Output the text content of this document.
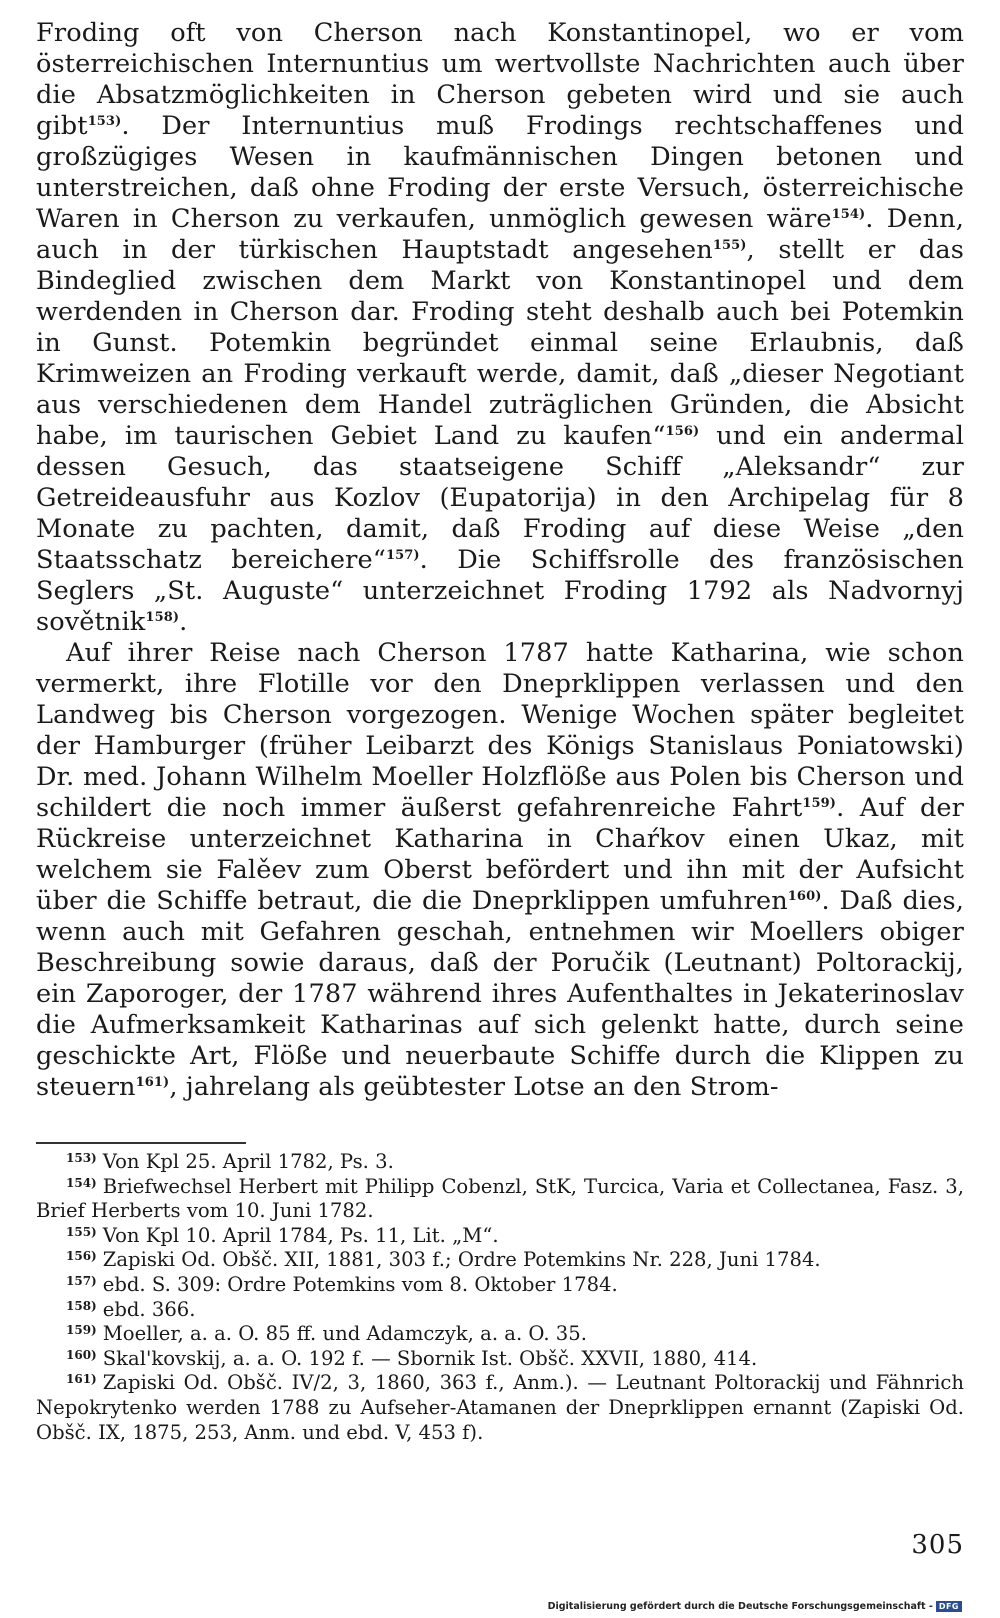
Froding oft von Cherson nach Konstantinopel, wo er vom österreichischen Internuntius um wertvollste Nachrichten auch über die Absatzmöglichkeiten in Cherson gebeten wird und sie auch gibt$^{153)}$. Der Internuntius muß Frodings rechtschaffenes und großzügiges Wesen in kaufmännischen Dingen betonen und unterstreichen, daß ohne Froding der erste Versuch, österreichische Waren in Cherson zu verkaufen, unmöglich gewesen wäre$^{154)}$. Denn, auch in der türkischen Hauptstadt angesehen$^{155)}$, stellt er das Bindeglied zwischen dem Markt von Konstantinopel und dem werdenden in Cherson dar. Froding steht deshalb auch bei Potemkin in Gunst. Potemkin begründet einmal seine Erlaubnis, daß Krimweizen an Froding verkauft werde, damit, daß „dieser Negotiant aus verschiedenen dem Handel zuträglichen Gründen, die Absicht habe, im taurischen Gebiet Land zu kaufen“$^{156)}$ und ein andermal dessen Gesuch, das staatseigene Schiff „Aleksandr“ zur Getreideausfuhr aus Kozlov (Eupatorija) in den Archipelag für 8 Monate zu pachten, damit, daß Froding auf diese Weise „den Staatsschatz bereichere“$^{157)}$. Die Schiffsrolle des französischen Seglers „St. Auguste“ unterzeichnet Froding 1792 als Nadvornyj sovětnik$^{158)}$.

Auf ihrer Reise nach Cherson 1787 hatte Katharina, wie schon vermerkt, ihre Flotille vor den Dneprklippen verlassen und den Landweg bis Cherson vorgezogen. Wenige Wochen später begleitet der Hamburger (früher Leibarzt des Königs Stanislaus Poniatowski) Dr. med. Johann Wilhelm Moeller Holzflöße aus Polen bis Cherson und schildert die noch immer äußerst gefahrenreiche Fahrt$^{159)}$. Auf der Rückreise unterzeichnet Katharina in Chaŕkov einen Ukaz, mit welchem sie Falěev zum Oberst befördert und ihn mit der Aufsicht über die Schiffe betraut, die die Dneprklippen umfuhren$^{160)}$. Daß dies, wenn auch mit Gefahren geschah, entnehmen wir Moellers obiger Beschreibung sowie daraus, daß der Poručik (Leutnant) Poltorackij, ein Zaporoger, der 1787 während ihres Aufenthaltes in Jekaterinoslav die Aufmerksamkeit Katharinas auf sich gelenkt hatte, durch seine geschickte Art, Flöße und neuerbaute Schiffe durch die Klippen zu steuern$^{161)}$, jahrelang als geübtester Lotse an den Strom-

$^{153)}$ Von Kpl 25. April 1782, Ps. 3.

$^{154)}$ Briefwechsel Herbert mit Philipp Cobenzl, StK, Turcica, Varia et Collectanea, Fasz. 3, Brief Herberts vom 10. Juni 1782.

$^{155)}$ Von Kpl 10. April 1784, Ps. 11, Lit. „M“.

$^{156)}$ Zapiski Od. Obšč. XII, 1881, 303 f.; Ordre Potemkins Nr. 228, Juni 1784.

$^{157)}$ ebd. S. 309: Ordre Potemkins vom 8. Oktober 1784.

$^{158)}$ ebd. 366.

$^{159)}$ Moeller, a. a. O. 85 ff. und Adamczyk, a. a. O. 35.

$^{160)}$ Skal'kovskij, a. a. O. 192 f. — Sbornik Ist. Obšč. XXVII, 1880, 414.

$^{161)}$ Zapiski Od. Obšč. IV/2, 3, 1860, 363 f., Anm.). — Leutnant Poltorackij und Fähnrich Nepokrytenko werden 1788 zu Aufseher-Atamanen der Dneprklippen ernannt (Zapiski Od. Obšč. IX, 1875, 253, Anm. und ebd. V, 453 f).

305
Digitalisierung gefördert durch die Deutsche Forschungsgemeinschaft - DFG
